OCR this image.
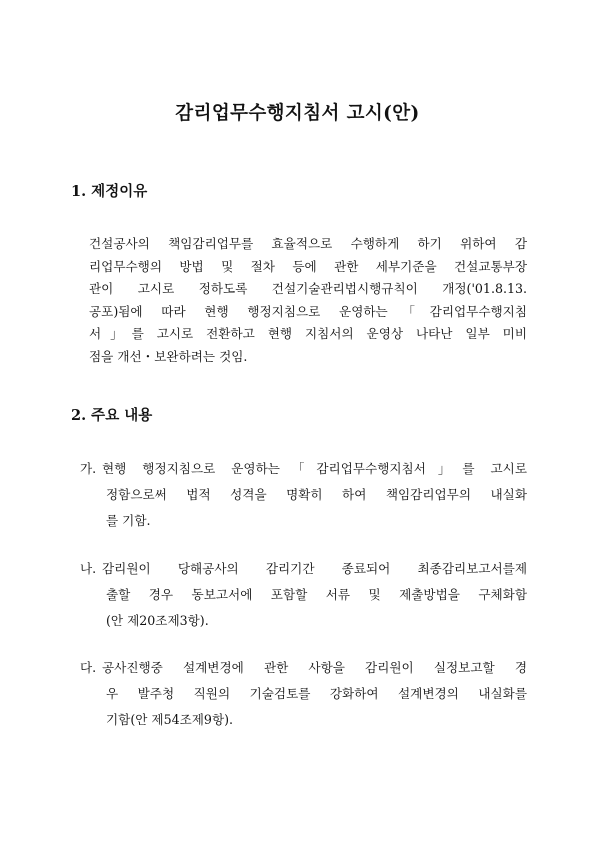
감리업무수행지침서 고시(안)
1. 제정이유
건설공사의 책임감리업무를 효율적으로 수행하게 하기 위하여 감
리업무수행의 방법 및 절차 등에 관한 세부기준을 건설교통부장
관이 고시로 정하도록 건설기술관리법시행규칙이 개정('01.8.13.
공포)됨에 따라 현행 행정지침으로 운영하는「감리업무수행지침
서」를 고시로 전환하고 현행 지침서의 운영상 나타난 일부 미비
점을 개선・보완하려는 것임.
2. 주요 내용
가. 현행 행정지침으로 운영하는「감리업무수행지침서」를 고시로
정함으로써 법적 성격을 명확히 하여 책임감리업무의 내실화
를 기함.
나. 감리원이 당해공사의 감리기간 종료되어 최종감리보고서를제
출할 경우 동보고서에 포함할 서류 및 제출방법을 구체화함
(안 제20조제3항).
다. 공사진행중 설계변경에 관한 사항을 감리원이 실정보고할 경
우 발주청 직원의 기술검토를 강화하여 설계변경의 내실화를
기함(안 제54조제9항).
